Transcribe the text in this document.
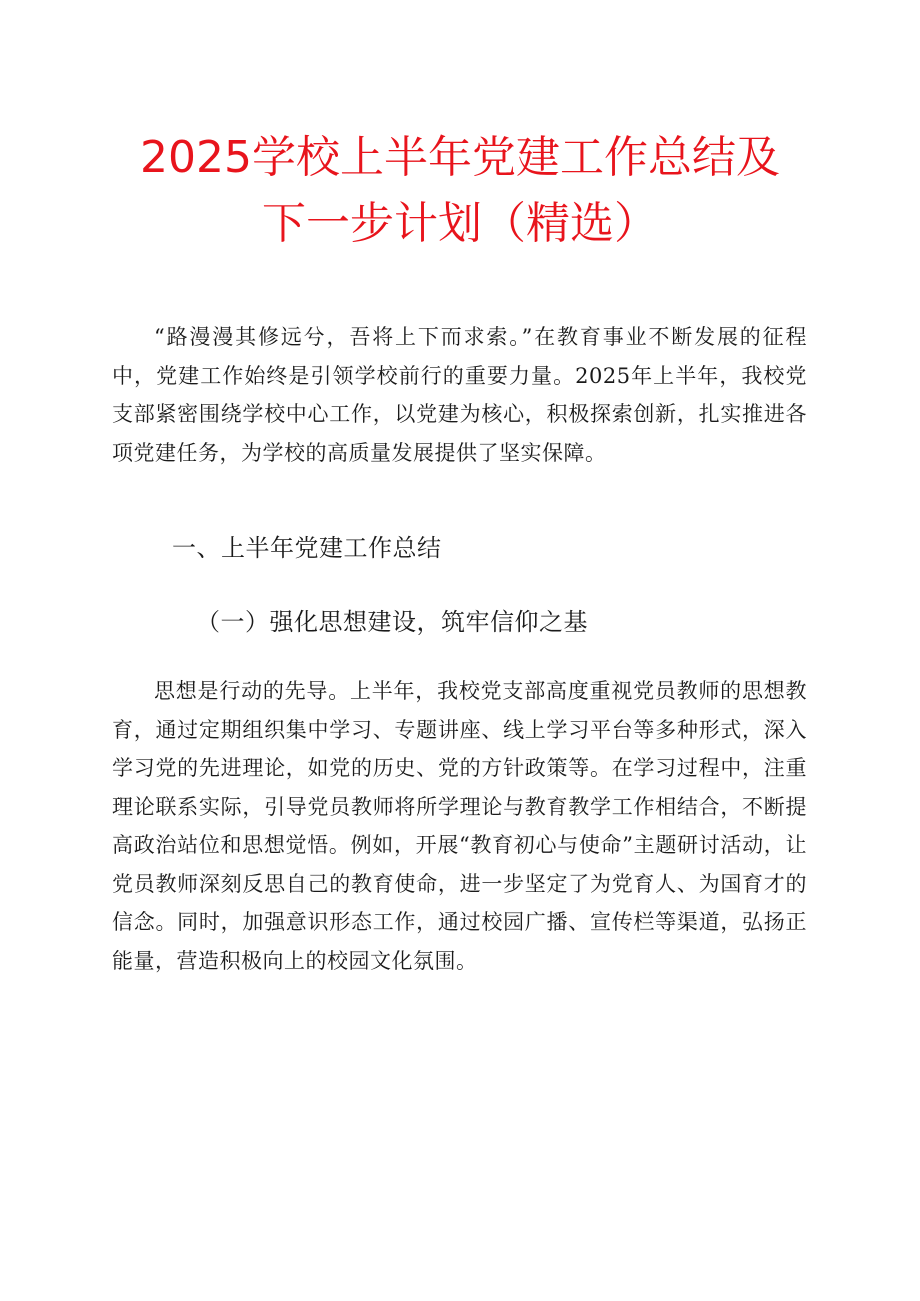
2025学校上半年党建工作总结及
下一步计划（精选）

“路漫漫其修远兮，吾将上下而求索。”在教育事业不断发展的征程中，党建工作始终是引领学校前行的重要力量。2025年上半年，我校党支部紧密围绕学校中心工作，以党建为核心，积极探索创新，扎实推进各项党建任务，为学校的高质量发展提供了坚实保障。

一、上半年党建工作总结
（一）强化思想建设，筑牢信仰之基

思想是行动的先导。上半年，我校党支部高度重视党员教师的思想教育，通过定期组织集中学习、专题讲座、线上学习平台等多种形式，深入学习党的先进理论，如党的历史、党的方针政策等。在学习过程中，注重理论联系实际，引导党员教师将所学理论与教育教学工作相结合，不断提高政治站位和思想觉悟。例如，开展“教育初心与使命”主题研讨活动，让党员教师深刻反思自己的教育使命，进一步坚定了为党育人、为国育才的信念。同时，加强意识形态工作，通过校园广播、宣传栏等渠道，弘扬正能量，营造积极向上的校园文化氛围。
